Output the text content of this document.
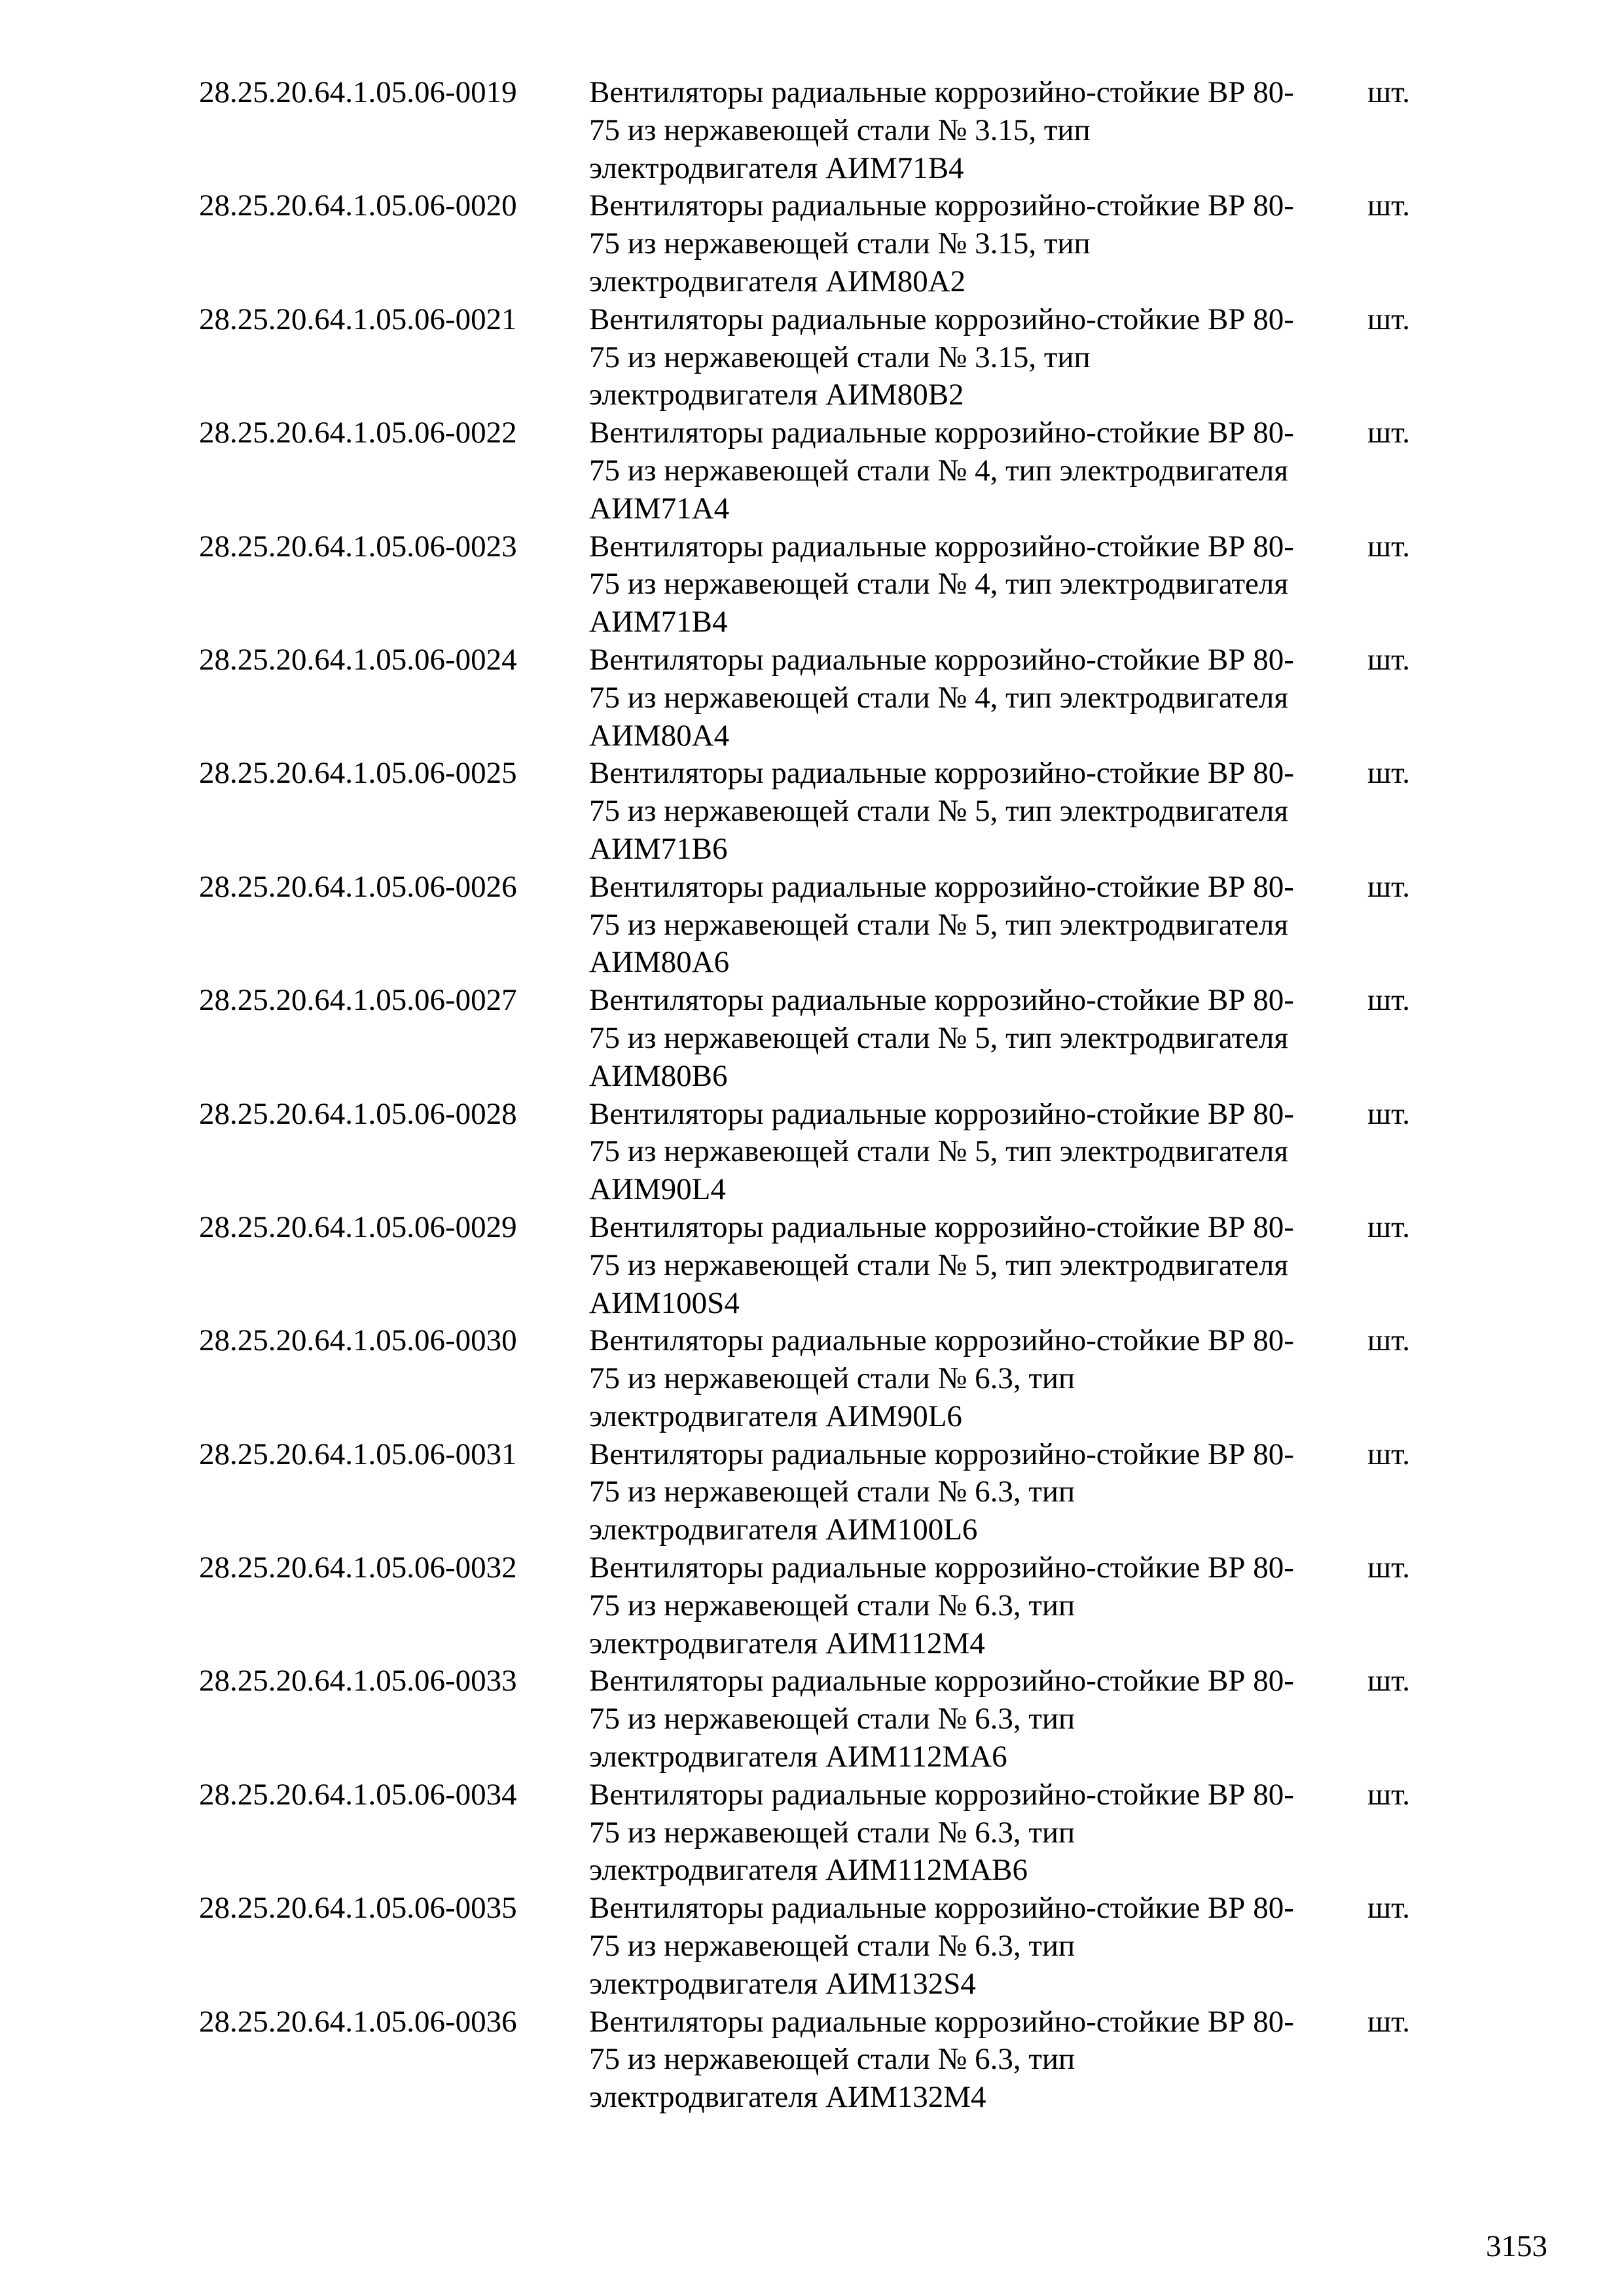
28.25.20.64.1.05.06-0019	Вентиляторы радиальные коррозийно-стойкие ВР 80-
75 из нержавеющей стали № 3.15, тип
электродвигателя АИМ71В4
шт.
28.25.20.64.1.05.06-0020	Вентиляторы радиальные коррозийно-стойкие ВР 80-
75 из нержавеющей стали № 3.15, тип
электродвигателя АИМ80А2
шт.
28.25.20.64.1.05.06-0021	Вентиляторы радиальные коррозийно-стойкие ВР 80-
75 из нержавеющей стали № 3.15, тип
электродвигателя АИМ80В2
шт.
28.25.20.64.1.05.06-0022	Вентиляторы радиальные коррозийно-стойкие ВР 80-
75 из нержавеющей стали № 4, тип электродвигателя
АИМ71А4
шт.
28.25.20.64.1.05.06-0023	Вентиляторы радиальные коррозийно-стойкие ВР 80-
75 из нержавеющей стали № 4, тип электродвигателя
АИМ71В4
шт.
28.25.20.64.1.05.06-0024	Вентиляторы радиальные коррозийно-стойкие ВР 80-
75 из нержавеющей стали № 4, тип электродвигателя
АИМ80А4
шт.
28.25.20.64.1.05.06-0025	Вентиляторы радиальные коррозийно-стойкие ВР 80-
75 из нержавеющей стали № 5, тип электродвигателя
АИМ71В6
шт.
28.25.20.64.1.05.06-0026	Вентиляторы радиальные коррозийно-стойкие ВР 80-
75 из нержавеющей стали № 5, тип электродвигателя
АИМ80А6
шт.
28.25.20.64.1.05.06-0027	Вентиляторы радиальные коррозийно-стойкие ВР 80-
75 из нержавеющей стали № 5, тип электродвигателя
АИМ80В6
шт.
28.25.20.64.1.05.06-0028	Вентиляторы радиальные коррозийно-стойкие ВР 80-
75 из нержавеющей стали № 5, тип электродвигателя
АИМ90L4
шт.
28.25.20.64.1.05.06-0029	Вентиляторы радиальные коррозийно-стойкие ВР 80-
75 из нержавеющей стали № 5, тип электродвигателя
АИМ100S4
шт.
28.25.20.64.1.05.06-0030	Вентиляторы радиальные коррозийно-стойкие ВР 80-
75 из нержавеющей стали № 6.3, тип
электродвигателя АИМ90L6
шт.
28.25.20.64.1.05.06-0031	Вентиляторы радиальные коррозийно-стойкие ВР 80-
75 из нержавеющей стали № 6.3, тип
электродвигателя АИМ100L6
шт.
28.25.20.64.1.05.06-0032	Вентиляторы радиальные коррозийно-стойкие ВР 80-
75 из нержавеющей стали № 6.3, тип
электродвигателя АИМ112М4
шт.
28.25.20.64.1.05.06-0033	Вентиляторы радиальные коррозийно-стойкие ВР 80-
75 из нержавеющей стали № 6.3, тип
электродвигателя АИМ112МА6
шт.
28.25.20.64.1.05.06-0034	Вентиляторы радиальные коррозийно-стойкие ВР 80-
75 из нержавеющей стали № 6.3, тип
электродвигателя АИМ112МАВ6
шт.
28.25.20.64.1.05.06-0035	Вентиляторы радиальные коррозийно-стойкие ВР 80-
75 из нержавеющей стали № 6.3, тип
электродвигателя АИМ132S4
шт.
28.25.20.64.1.05.06-0036	Вентиляторы радиальные коррозийно-стойкие ВР 80-
75 из нержавеющей стали № 6.3, тип
электродвигателя АИМ132М4
шт.
3153
